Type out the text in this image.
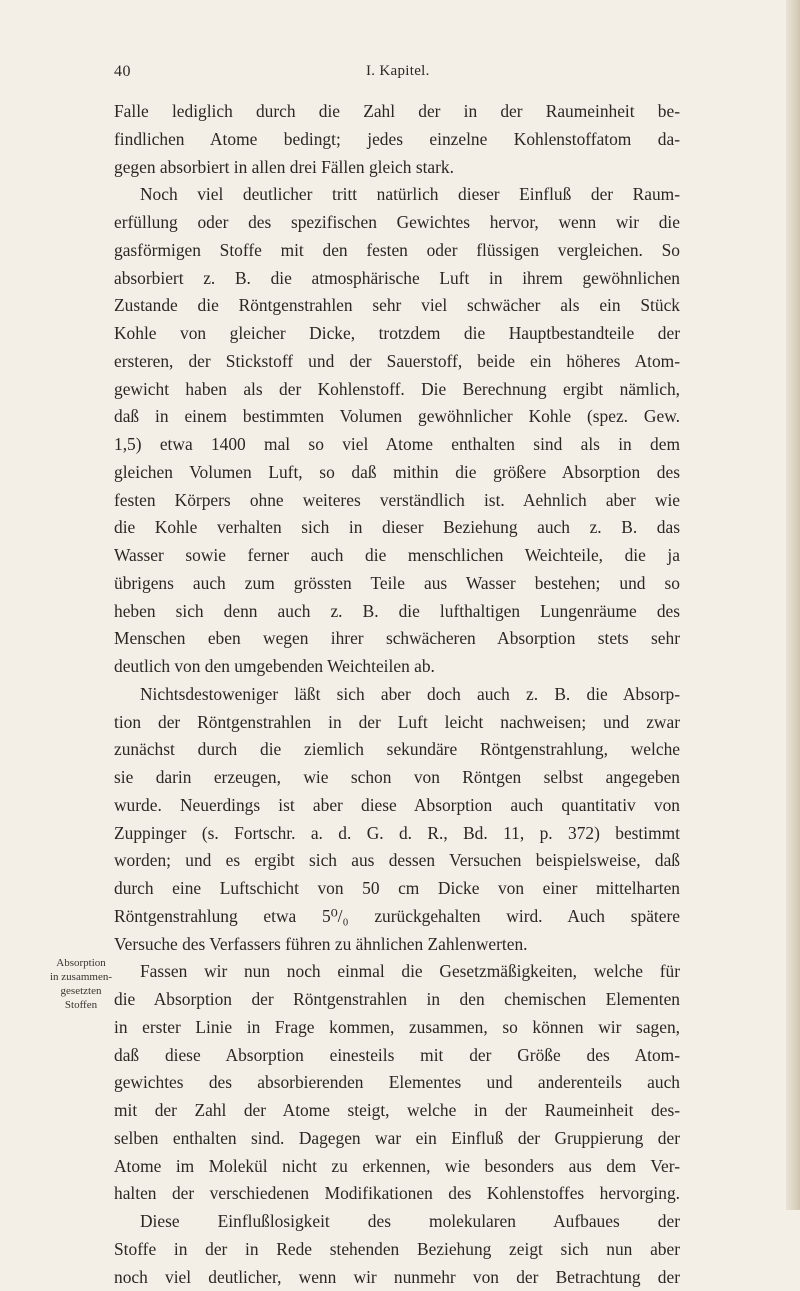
40	I. Kapitel.
Falle lediglich durch die Zahl der in der Raumeinheit be-
findlichen Atome bedingt; jedes einzelne Kohlenstoffatom da-
gegen absorbiert in allen drei Fällen gleich stark.
Noch viel deutlicher tritt natürlich dieser Einfluß der Raum-
erfüllung oder des spezifischen Gewichtes hervor, wenn wir die
gasförmigen Stoffe mit den festen oder flüssigen vergleichen. So
absorbiert z. B. die atmosphärische Luft in ihrem gewöhnlichen
Zustande die Röntgenstrahlen sehr viel schwächer als ein Stück
Kohle von gleicher Dicke, trotzdem die Hauptbestandteile der
ersteren, der Stickstoff und der Sauerstoff, beide ein höheres Atom-
gewicht haben als der Kohlenstoff. Die Berechnung ergibt nämlich,
daß in einem bestimmten Volumen gewöhnlicher Kohle (spez. Gew.
1,5) etwa 1400 mal so viel Atome enthalten sind als in dem
gleichen Volumen Luft, so daß mithin die größere Absorption des
festen Körpers ohne weiteres verständlich ist. Aehnlich aber wie
die Kohle verhalten sich in dieser Beziehung auch z. B. das
Wasser sowie ferner auch die menschlichen Weichteile, die ja
übrigens auch zum grössten Teile aus Wasser bestehen; und so
heben sich denn auch z. B. die lufthaltigen Lungenräume des
Menschen eben wegen ihrer schwächeren Absorption stets sehr
deutlich von den umgebenden Weichteilen ab.
Nichtsdestoweniger läßt sich aber doch auch z. B. die Absorp-
tion der Röntgenstrahlen in der Luft leicht nachweisen; und zwar
zunächst durch die ziemlich sekundäre Röntgenstrahlung, welche
sie darin erzeugen, wie schon von Röntgen selbst angegeben
wurde. Neuerdings ist aber diese Absorption auch quantitativ von
Zuppinger (s. Fortschr. a. d. G. d. R., Bd. 11, p. 372) bestimmt
worden; und es ergibt sich aus dessen Versuchen beispielsweise, daß
durch eine Luftschicht von 50 cm Dicke von einer mittelharten
Röntgenstrahlung etwa 5⁰/₀ zurückgehalten wird. Auch spätere
Versuche des Verfassers führen zu ähnlichen Zahlenwerten.
Fassen wir nun noch einmal die Gesetzmäßigkeiten, welche für
die Absorption der Röntgenstrahlen in den chemischen Elementen
in erster Linie in Frage kommen, zusammen, so können wir sagen,
daß diese Absorption einesteils mit der Größe des Atom-
gewichtes des absorbierenden Elementes und anderenteils auch
mit der Zahl der Atome steigt, welche in der Raumeinheit des-
selben enthalten sind. Dagegen war ein Einfluß der Gruppierung der
Atome im Molekül nicht zu erkennen, wie besonders aus dem Ver-
halten der verschiedenen Modifikationen des Kohlenstoffes hervorging.
Diese Einflußlosigkeit des molekularen Aufbaues der
Stoffe in der in Rede stehenden Beziehung zeigt sich nun aber
noch viel deutlicher, wenn wir nunmehr von der Betrachtung der
Absorption
in zusammen-
gesetzten
Stoffen
